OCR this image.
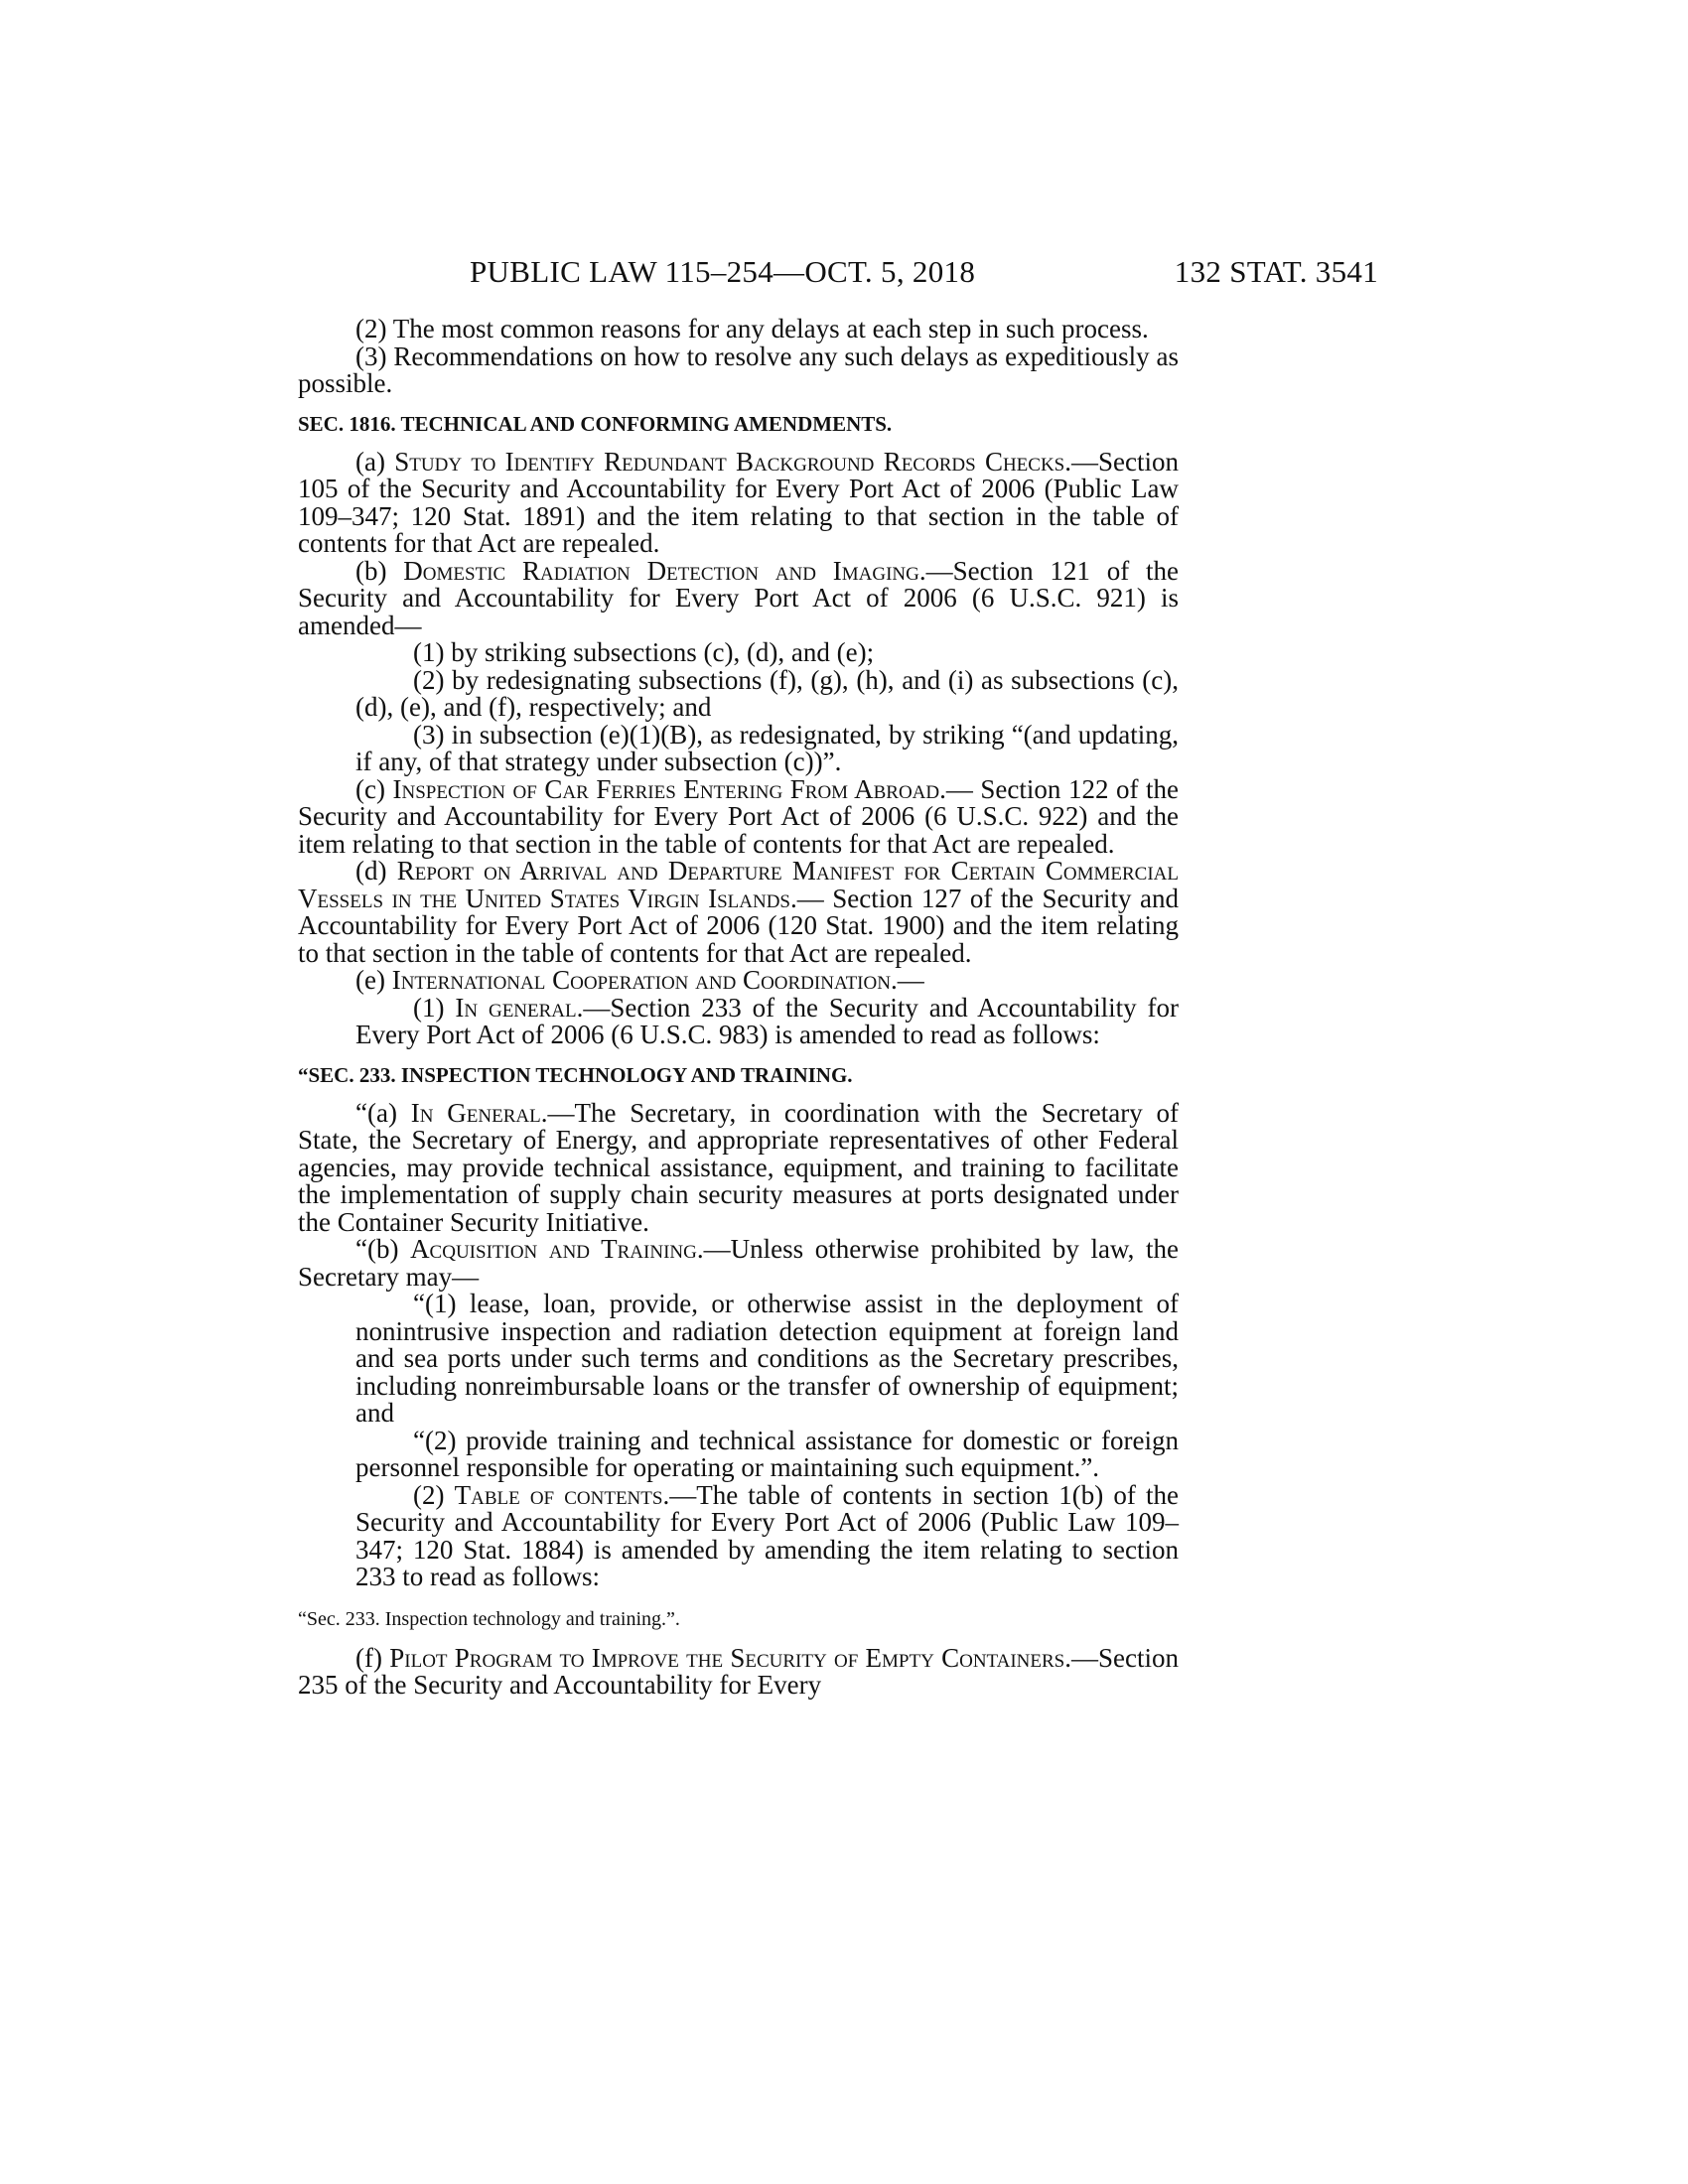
PUBLIC LAW 115–254—OCT. 5, 2018	132 STAT. 3541

(2) The most common reasons for any delays at each step in such process.

(3) Recommendations on how to resolve any such delays as expeditiously as possible.

SEC. 1816. TECHNICAL AND CONFORMING AMENDMENTS.

(a) Study to Identify Redundant Background Records Checks.—Section 105 of the Security and Accountability for Every Port Act of 2006 (Public Law 109–347; 120 Stat. 1891) and the item relating to that section in the table of contents for that Act are repealed.

(b) Domestic Radiation Detection and Imaging.—Section 121 of the Security and Accountability for Every Port Act of 2006 (6 U.S.C. 921) is amended—

(1) by striking subsections (c), (d), and (e);

(2) by redesignating subsections (f), (g), (h), and (i) as subsections (c), (d), (e), and (f), respectively; and

(3) in subsection (e)(1)(B), as redesignated, by striking “(and updating, if any, of that strategy under subsection (c))”.

(c) Inspection of Car Ferries Entering From Abroad.— Section 122 of the Security and Accountability for Every Port Act of 2006 (6 U.S.C. 922) and the item relating to that section in the table of contents for that Act are repealed.

(d) Report on Arrival and Departure Manifest for Certain Commercial Vessels in the United States Virgin Islands.— Section 127 of the Security and Accountability for Every Port Act of 2006 (120 Stat. 1900) and the item relating to that section in the table of contents for that Act are repealed.

(e) International Cooperation and Coordination.—

(1) In general.—Section 233 of the Security and Accountability for Every Port Act of 2006 (6 U.S.C. 983) is amended to read as follows:

“SEC. 233. INSPECTION TECHNOLOGY AND TRAINING.

“(a) In General.—The Secretary, in coordination with the Secretary of State, the Secretary of Energy, and appropriate representatives of other Federal agencies, may provide technical assistance, equipment, and training to facilitate the implementation of supply chain security measures at ports designated under the Container Security Initiative.

“(b) Acquisition and Training.—Unless otherwise prohibited by law, the Secretary may—

“(1) lease, loan, provide, or otherwise assist in the deployment of nonintrusive inspection and radiation detection equipment at foreign land and sea ports under such terms and conditions as the Secretary prescribes, including nonreimbursable loans or the transfer of ownership of equipment; and

“(2) provide training and technical assistance for domestic or foreign personnel responsible for operating or maintaining such equipment.”.

(2) Table of contents.—The table of contents in section 1(b) of the Security and Accountability for Every Port Act of 2006 (Public Law 109–347; 120 Stat. 1884) is amended by amending the item relating to section 233 to read as follows:

“Sec. 233. Inspection technology and training.”.

(f) Pilot Program to Improve the Security of Empty Containers.—Section 235 of the Security and Accountability for Every
